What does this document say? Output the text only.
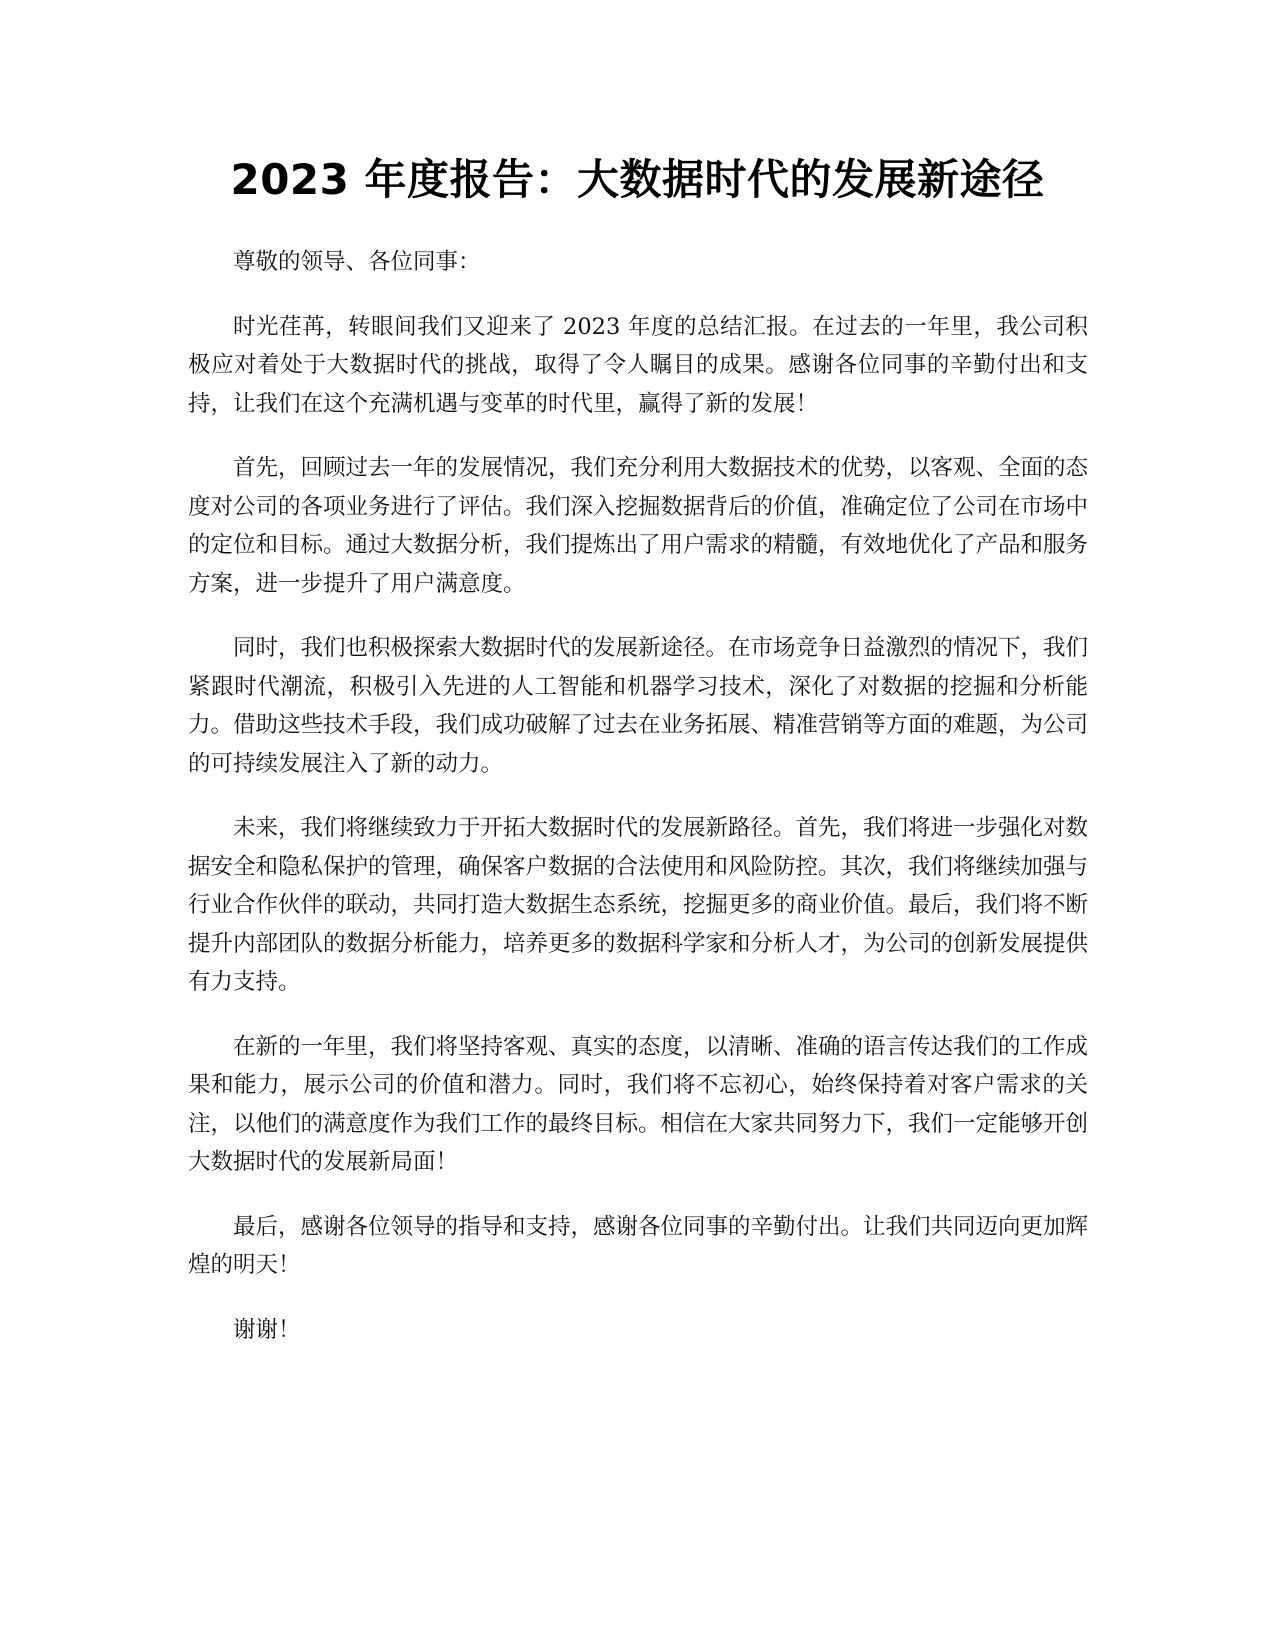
2023 年度报告：大数据时代的发展新途径

尊敬的领导、各位同事：

时光荏苒，转眼间我们又迎来了 2023 年度的总结汇报。在过去的一年里，我公司积极应对着处于大数据时代的挑战，取得了令人瞩目的成果。感谢各位同事的辛勤付出和支持，让我们在这个充满机遇与变革的时代里，赢得了新的发展！

首先，回顾过去一年的发展情况，我们充分利用大数据技术的优势，以客观、全面的态度对公司的各项业务进行了评估。我们深入挖掘数据背后的价值，准确定位了公司在市场中的定位和目标。通过大数据分析，我们提炼出了用户需求的精髓，有效地优化了产品和服务方案，进一步提升了用户满意度。

同时，我们也积极探索大数据时代的发展新途径。在市场竞争日益激烈的情况下，我们紧跟时代潮流，积极引入先进的人工智能和机器学习技术，深化了对数据的挖掘和分析能力。借助这些技术手段，我们成功破解了过去在业务拓展、精准营销等方面的难题，为公司的可持续发展注入了新的动力。

未来，我们将继续致力于开拓大数据时代的发展新路径。首先，我们将进一步强化对数据安全和隐私保护的管理，确保客户数据的合法使用和风险防控。其次，我们将继续加强与行业合作伙伴的联动，共同打造大数据生态系统，挖掘更多的商业价值。最后，我们将不断提升内部团队的数据分析能力，培养更多的数据科学家和分析人才，为公司的创新发展提供有力支持。

在新的一年里，我们将坚持客观、真实的态度，以清晰、准确的语言传达我们的工作成果和能力，展示公司的价值和潜力。同时，我们将不忘初心，始终保持着对客户需求的关注，以他们的满意度作为我们工作的最终目标。相信在大家共同努力下，我们一定能够开创大数据时代的发展新局面！

最后，感谢各位领导的指导和支持，感谢各位同事的辛勤付出。让我们共同迈向更加辉煌的明天！

谢谢！
